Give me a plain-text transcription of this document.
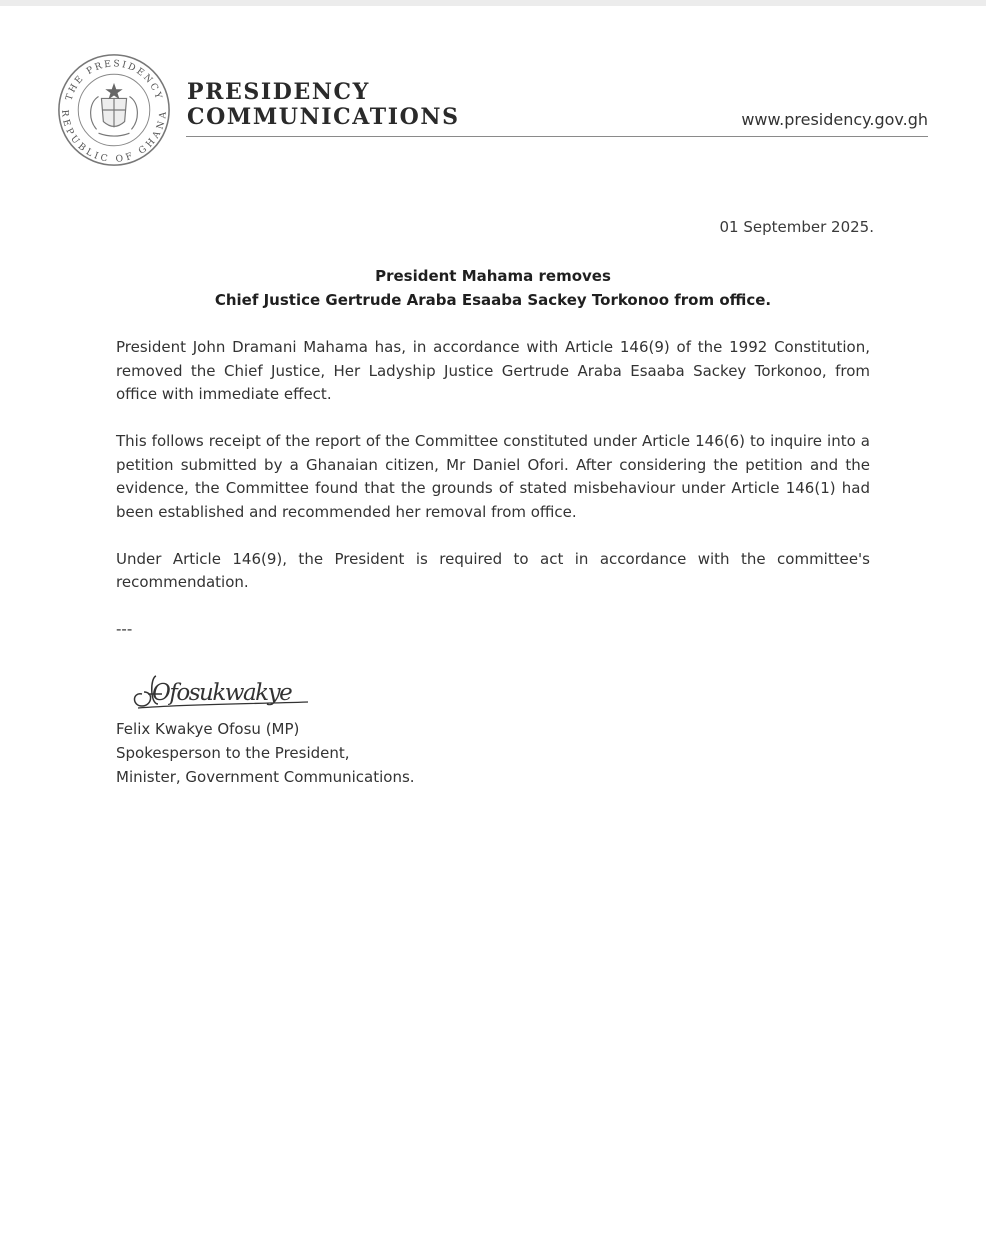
THE PRESIDENCY
REPUBLIC OF GHANA
PRESIDENCY
COMMUNICATIONS	www.presidency.gov.gh
01 September 2025.
President Mahama removes
Chief Justice Gertrude Araba Esaaba Sackey Torkonoo from office.

President John Dramani Mahama has, in accordance with Article 146(9) of the 1992 Constitution, removed the Chief Justice, Her Ladyship Justice Gertrude Araba Esaaba Sackey Torkonoo, from office with immediate effect.

This follows receipt of the report of the Committee constituted under Article 146(6) to inquire into a petition submitted by a Ghanaian citizen, Mr Daniel Ofori. After considering the petition and the evidence, the Committee found that the grounds of stated misbehaviour under Article 146(1) had been established and recommended her removal from office.

Under Article 146(9), the President is required to act in accordance with the committee's recommendation.

---
Ofosukwakye
Felix Kwakye Ofosu (MP)
Spokesperson to the President,
Minister, Government Communications.
